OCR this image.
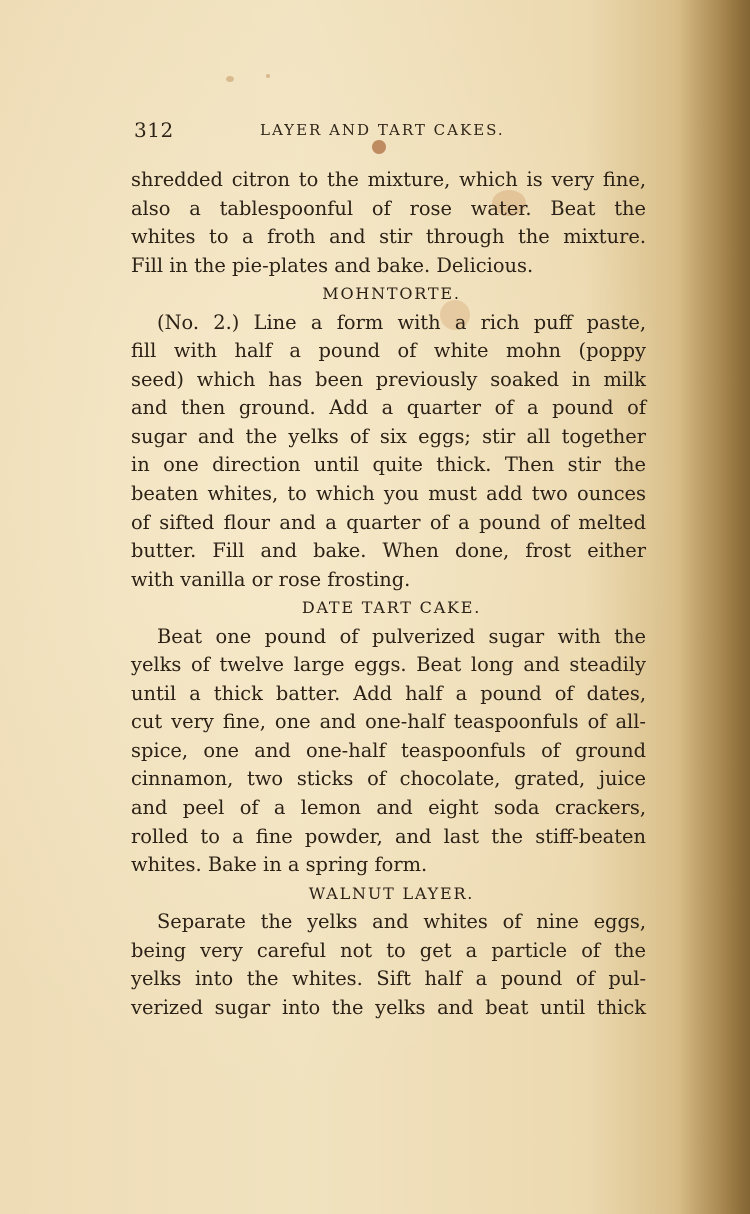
312	LAYER AND TART CAKES.
shredded citron to the mixture, which is very fine,
also a tablespoonful of rose water. Beat the
whites to a froth and stir through the mixture.
Fill in the pie-plates and bake. Delicious.
MOHNTORTE.
(No. 2.) Line a form with a rich puff paste,
fill with half a pound of white mohn (poppy
seed) which has been previously soaked in milk
and then ground. Add a quarter of a pound of
sugar and the yelks of six eggs; stir all together
in one direction until quite thick. Then stir the
beaten whites, to which you must add two ounces
of sifted flour and a quarter of a pound of melted
butter. Fill and bake. When done, frost either
with vanilla or rose frosting.
DATE TART CAKE.
Beat one pound of pulverized sugar with the
yelks of twelve large eggs. Beat long and steadily
until a thick batter. Add half a pound of dates,
cut very fine, one and one-half teaspoonfuls of all-
spice, one and one-half teaspoonfuls of ground
cinnamon, two sticks of chocolate, grated, juice
and peel of a lemon and eight soda crackers,
rolled to a fine powder, and last the stiff-beaten
whites. Bake in a spring form.
WALNUT LAYER.
Separate the yelks and whites of nine eggs,
being very careful not to get a particle of the
yelks into the whites. Sift half a pound of pul-
verized sugar into the yelks and beat until thick
